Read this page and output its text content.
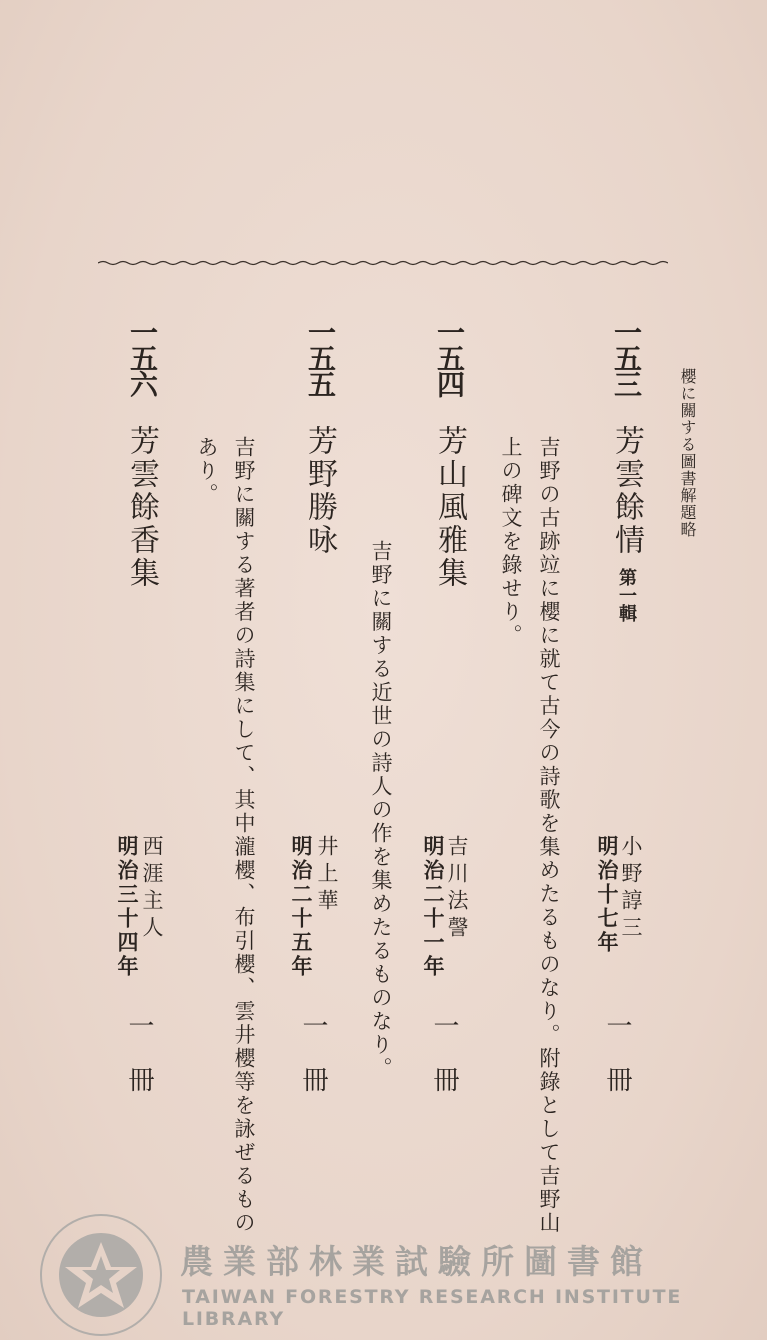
櫻に關する圖書解題略
一五三
芳雲餘情
第一輯
吉野の古跡竝に櫻に就て古今の詩歌を集めたるものなり。附錄として吉野山
上の碑文を錄せり。
小野諄三
明治十七年
一冊
一五四
芳山風雅集
吉野に關する近世の詩人の作を集めたるものなり。 吉川法謦
明治二十一年
一冊
一五五
芳野勝咏
吉野に關する著者の詩集にして、其中瀧櫻、布引櫻、雲井櫻等を詠ぜるもの
あり。
井上華
明治二十五年
一冊
一五六
芳雲餘香集
西涯主人
明治三十四年
一冊
農業部林業試驗所圖書館
TAIWAN FORESTRY RESEARCH INSTITUTE LIBRARY
